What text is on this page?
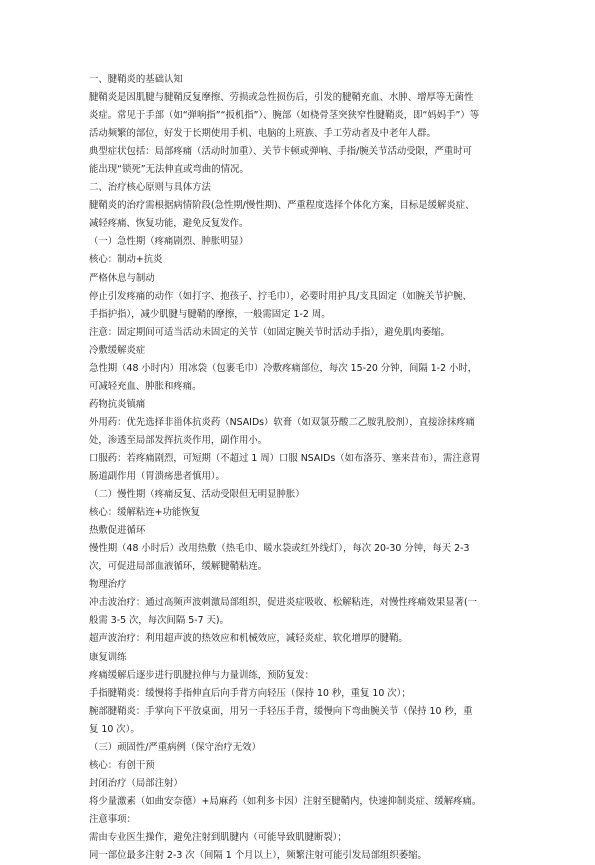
一、腱鞘炎的基础认知
腱鞘炎是因肌腱与腱鞘反复摩擦、劳损或急性损伤后，引发的腱鞘充血、水肿、增厚等无菌性
炎症。常见于手部（如“弹响指”“扳机指”）、腕部（如桡骨茎突狭窄性腱鞘炎，即“妈妈手”）等
活动频繁的部位，好发于长期使用手机、电脑的上班族、手工劳动者及中老年人群。
典型症状包括：局部疼痛（活动时加重）、关节卡顿或弹响、手指/腕关节活动受限，严重时可
能出现“锁死”无法伸直或弯曲的情况。
二、治疗核心原则与具体方法
腱鞘炎的治疗需根据病情阶段(急性期/慢性期)、严重程度选择个体化方案，目标是缓解炎症、
减轻疼痛、恢复功能，避免反复发作。
（一）急性期（疼痛剧烈、肿胀明显）
核心：制动+抗炎
严格休息与制动
停止引发疼痛的动作（如打字、抱孩子、拧毛巾），必要时用护具/支具固定（如腕关节护腕、
手指护指），减少肌腱与腱鞘的摩擦，一般需固定 1-2 周。
注意：固定期间可适当活动未固定的关节（如固定腕关节时活动手指），避免肌肉萎缩。
冷敷缓解炎症
急性期（48 小时内）用冰袋（包裹毛巾）冷敷疼痛部位，每次 15-20 分钟，间隔 1-2 小时，
可减轻充血、肿胀和疼痛。
药物抗炎镇痛
外用药：优先选择非甾体抗炎药（NSAIDs）软膏（如双氯芬酸二乙胺乳胶剂），直接涂抹疼痛
处，渗透至局部发挥抗炎作用，副作用小。
口服药：若疼痛剧烈，可短期（不超过 1 周）口服 NSAIDs（如布洛芬、塞来昔布），需注意胃
肠道副作用（胃溃疡患者慎用）。
（二）慢性期（疼痛反复、活动受限但无明显肿胀）
核心：缓解粘连+功能恢复
热敷促进循环
慢性期（48 小时后）改用热敷（热毛巾、暖水袋或红外线灯），每次 20-30 分钟，每天 2-3
次，可促进局部血液循环，缓解腱鞘粘连。
物理治疗
冲击波治疗：通过高频声波刺激局部组织，促进炎症吸收、松解粘连，对慢性疼痛效果显著(一
般需 3-5 次，每次间隔 5-7 天)。
超声波治疗：利用超声波的热效应和机械效应，减轻炎症、软化增厚的腱鞘。
康复训练
疼痛缓解后逐步进行肌腱拉伸与力量训练，预防复发：
手指腱鞘炎：缓慢将手指伸直后向手背方向轻压（保持 10 秒，重复 10 次）；
腕部腱鞘炎：手掌向下平放桌面，用另一手轻压手背，缓慢向下弯曲腕关节（保持 10 秒，重
复 10 次）。
（三）顽固性/严重病例（保守治疗无效）
核心：有创干预
封闭治疗（局部注射）
将少量激素（如曲安奈德）+局麻药（如利多卡因）注射至腱鞘内，快速抑制炎症、缓解疼痛。
注意事项：
需由专业医生操作，避免注射到肌腱内（可能导致肌腱断裂）；
同一部位最多注射 2-3 次（间隔 1 个月以上），频繁注射可能引发局部组织萎缩。
